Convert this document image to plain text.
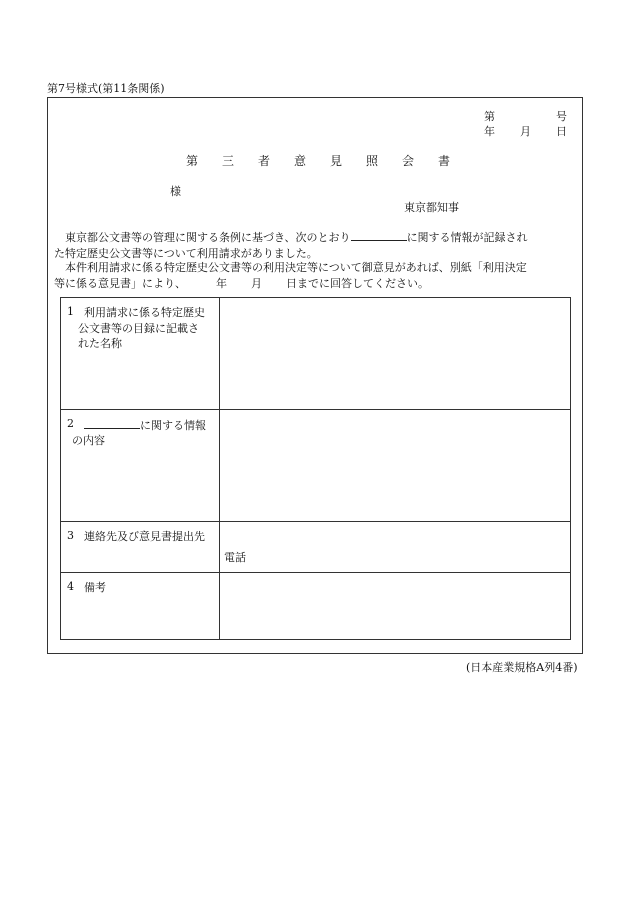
第7号様式(第11条関係)
第	号
年 月 日
第 三 者 意 見 照 会 書
様
東京都知事
東京都公文書等の管理に関する条例に基づき、次のとおり	に関する情報が記録され
た特定歴史公文書等について利用請求がありました。
本件利用請求に係る特定歴史公文書等の利用決定等について御意見があれば、別紙「利用決定
等に係る意見書」により、	年 月 日までに回答してください。
1 利用請求に係る特定歴史
公文書等の目録に記載さ
れた名称	

2 に関する情報
の内容	

3 連絡先及び意見書提出先	電話

4 備考	

(日本産業規格A列4番)
